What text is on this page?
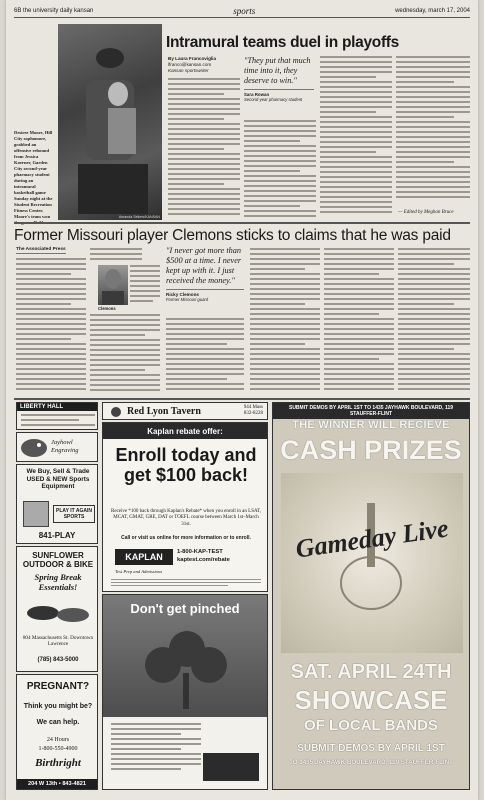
6B the university daily kansan	sports	wednesday, march 17, 2004
Desiree Moore, Hill City sophomore, grabbed an offensive rebound from Jessica Koerner, Garden City second-year pharmacy student during an intramural basketball game Sunday night at the Student Recreation Fitness Center. Moore's team won	Amanda Sellers/KANSAN
Intramural teams duel in playoffs
By Laura Francoviglia
lfranco@kansan.com
Kansan sportswriter
"They put that much time into it, they deserve to win."
Sara Rowan
Second-year pharmacy student
— Edited by Meghan Bruce
Former Missouri player Clemons sticks to claims that he was paid
The Associated Press
Clemons
"I never got more than $500 at a time. I never kept up with it. I just received the money."
Ricky Clemons
Former Missouri guard
LIBERTY HALL
Jayhowl Engraving
We Buy, Sell & Trade USED & NEW Sports Equipment
PLAY IT AGAIN SPORTS
841-PLAY
SUNFLOWER OUTDOOR & BIKE
Spring Break Essentials!
804 Massachusetts St. Downtown Lawrence
(785) 843-5000
PREGNANT?
Think you might be?
We can help.
24 Hours
1-800-550-4900
Birthright
204 W 13th • 843-4821
Red Lyon Tavern	944 Mass
832-8228
Kaplan rebate offer:
Enroll today and get $100 back!
Receive *100 back through Kaplan's Rebate* when you enroll in an LSAT, MCAT, GMAT, GRE, DAT or TOEFL course between March 1st–March 31st.
Call or visit us online for more information or to enroll.
KAPLAN	1-800-KAP-TEST
kaptest.com/rebate
Test Prep and Admissions
Don't get pinched
SUBMIT DEMOS BY APRIL 1ST TO 1435 JAYHAWK BOULEVARD, 119 STAUFFER-FLINT
THE WINNER WILL RECIEVE
CASH PRIZES
Gameday Live
SAT. APRIL 24TH
SHOWCASE
OF LOCAL BANDS
SUBMIT DEMOS BY APRIL 1ST
TO 1435 JAYHAWK BOULEVARD, 119 STAUFFER-FLINT
